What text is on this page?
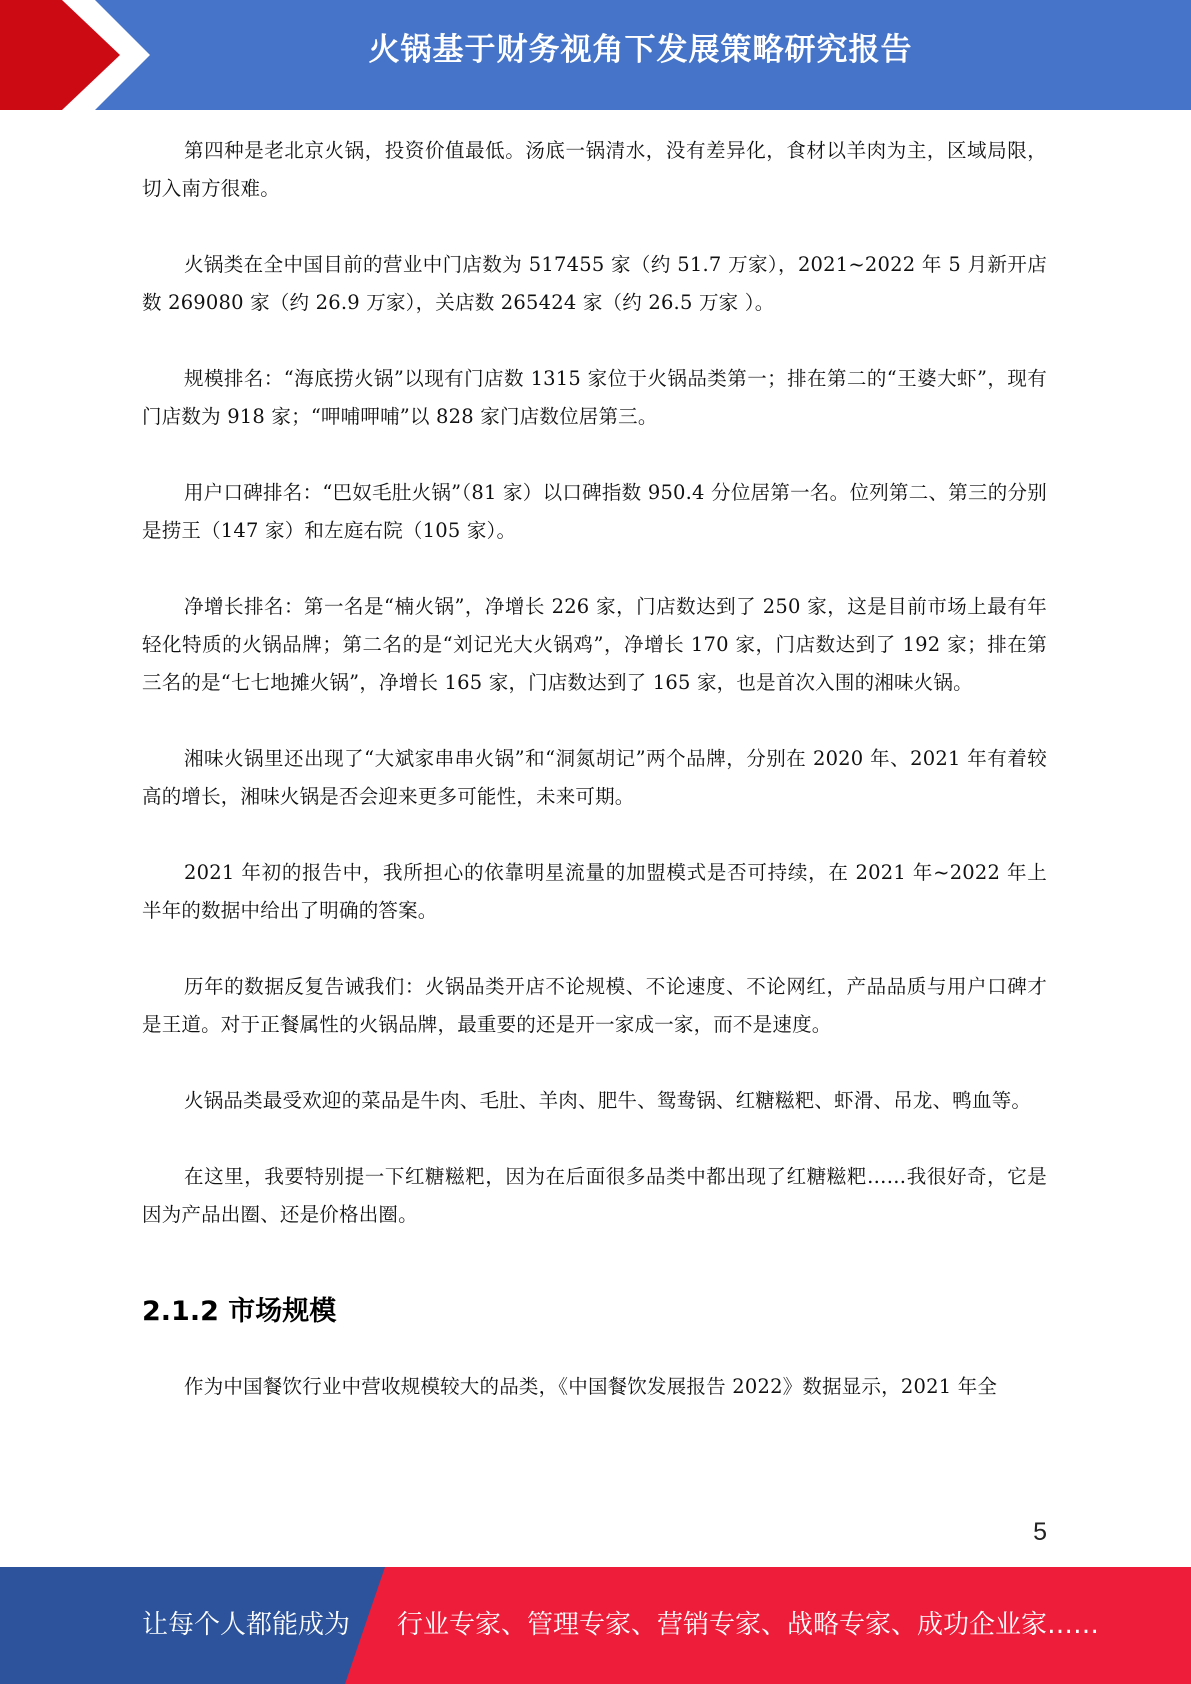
火锅基于财务视角下发展策略研究报告

第四种是老北京火锅，投资价值最低。汤底一锅清水，没有差异化，食材以羊肉为主，区域局限，切入南方很难。

火锅类在全中国目前的营业中门店数为 517455 家（约 51.7 万家），2021~2022 年 5 月新开店数 269080 家（约 26.9 万家），关店数 265424 家（约 26.5 万家 ）。

规模排名：“海底捞火锅”以现有门店数 1315 家位于火锅品类第一；排在第二的“王婆大虾”，现有门店数为 918 家；“呷哺呷哺”以 828 家门店数位居第三。

用户口碑排名：“巴奴毛肚火锅”（81 家）以口碑指数 950.4 分位居第一名。位列第二、第三的分别是捞王（147 家）和左庭右院（105 家）。

净增长排名：第一名是“楠火锅”，净增长 226 家，门店数达到了 250 家，这是目前市场上最有年轻化特质的火锅品牌；第二名的是“刘记光大火锅鸡”，净增长 170 家，门店数达到了 192 家；排在第三名的是“七七地摊火锅”，净增长 165 家，门店数达到了 165 家，也是首次入围的湘味火锅。

湘味火锅里还出现了“大斌家串串火锅”和“洞氮胡记”两个品牌，分别在 2020 年、2021 年有着较高的增长，湘味火锅是否会迎来更多可能性，未来可期。

2021 年初的报告中，我所担心的依靠明星流量的加盟模式是否可持续，在 2021 年~2022 年上半年的数据中给出了明确的答案。

历年的数据反复告诫我们：火锅品类开店不论规模、不论速度、不论网红，产品品质与用户口碑才是王道。对于正餐属性的火锅品牌，最重要的还是开一家成一家，而不是速度。

火锅品类最受欢迎的菜品是牛肉、毛肚、羊肉、肥牛、鸳鸯锅、红糖糍粑、虾滑、吊龙、鸭血等。

在这里，我要特别提一下红糖糍粑，因为在后面很多品类中都出现了红糖糍粑……我很好奇，它是因为产品出圈、还是价格出圈。

2.1.2 市场规模

作为中国餐饮行业中营收规模较大的品类，《中国餐饮发展报告 2022》数据显示，2021 年全

5
让每个人都能成为 行业专家、管理专家、营销专家、战略专家、成功企业家……
